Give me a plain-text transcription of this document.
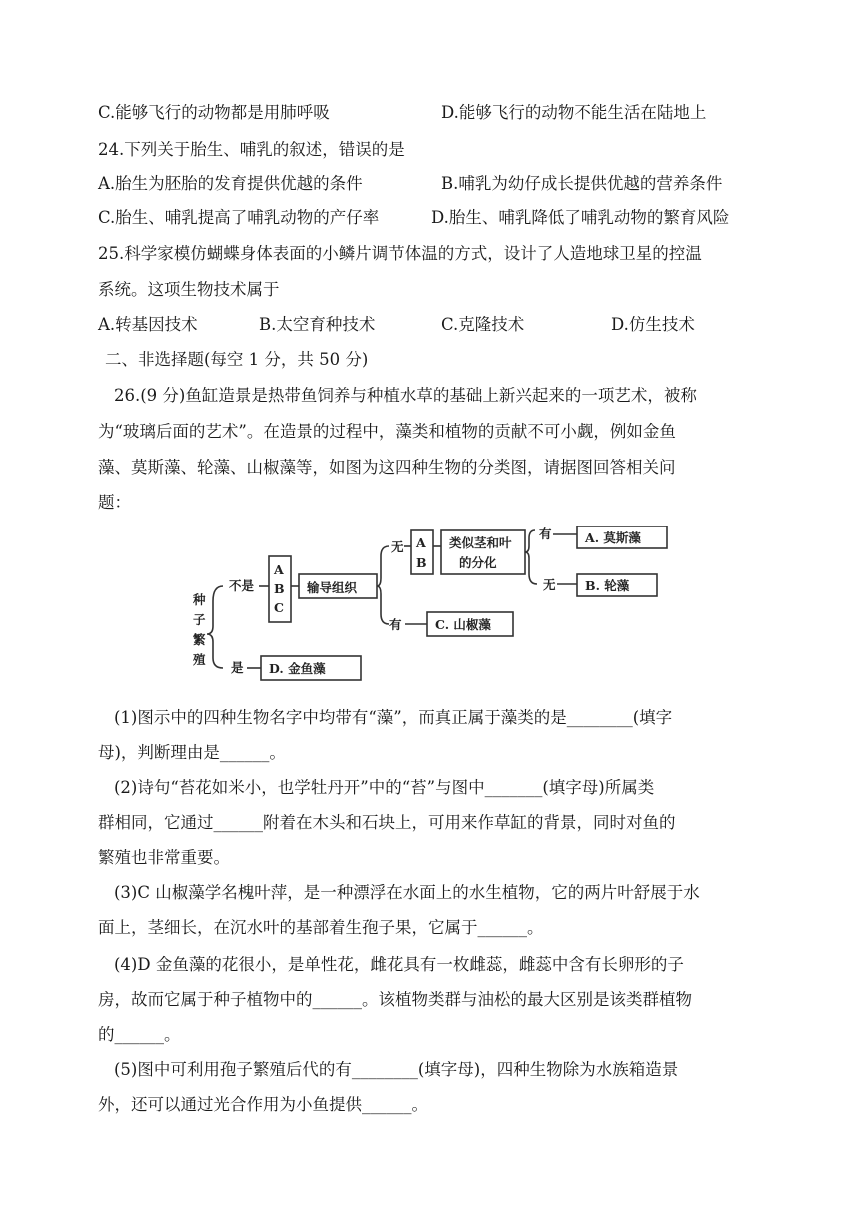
C.能够飞行的动物都是用肺呼吸	D.能够飞行的动物不能生活在陆地上
24.下列关于胎生、哺乳的叙述，错误的是
A.胎生为胚胎的发育提供优越的条件	B.哺乳为幼仔成长提供优越的营养条件
C.胎生、哺乳提高了哺乳动物的产仔率	D.胎生、哺乳降低了哺乳动物的繁育风险
25.科学家模仿蝴蝶身体表面的小鳞片调节体温的方式，设计了人造地球卫星的控温
系统。这项生物技术属于
A.转基因技术	B.太空育种技术	C.克隆技术	D.仿生技术
二、非选择题(每空 1 分，共 50 分)
26.(9 分)鱼缸造景是热带鱼饲养与种植水草的基础上新兴起来的一项艺术，被称
为“玻璃后面的艺术”。在造景的过程中，藻类和植物的贡献不可小觑，例如金鱼
藻、莫斯藻、轮藻、山椒藻等，如图为这四种生物的分类图，请据图回答相关问
题：
种
子
繁
殖
不是
是
A
B
C
输导组织
无
有
A
B
类似茎和叶
的分化
有
无
A. 莫斯藻
B. 轮藻
C. 山椒藻
D. 金鱼藻
(1)图示中的四种生物名字中均带有“藻”，而真正属于藻类的是________(填字
母)，判断理由是______。
(2)诗句“苔花如米小，也学牡丹开”中的“苔”与图中_______(填字母)所属类
群相同，它通过______附着在木头和石块上，可用来作草缸的背景，同时对鱼的
繁殖也非常重要。
(3)C 山椒藻学名槐叶萍，是一种漂浮在水面上的水生植物，它的两片叶舒展于水
面上，茎细长，在沉水叶的基部着生孢子果，它属于______。
(4)D 金鱼藻的花很小，是单性花，雌花具有一枚雌蕊，雌蕊中含有长卵形的子
房，故而它属于种子植物中的______。该植物类群与油松的最大区别是该类群植物
的______。
(5)图中可利用孢子繁殖后代的有________(填字母)，四种生物除为水族箱造景
外，还可以通过光合作用为小鱼提供______。
